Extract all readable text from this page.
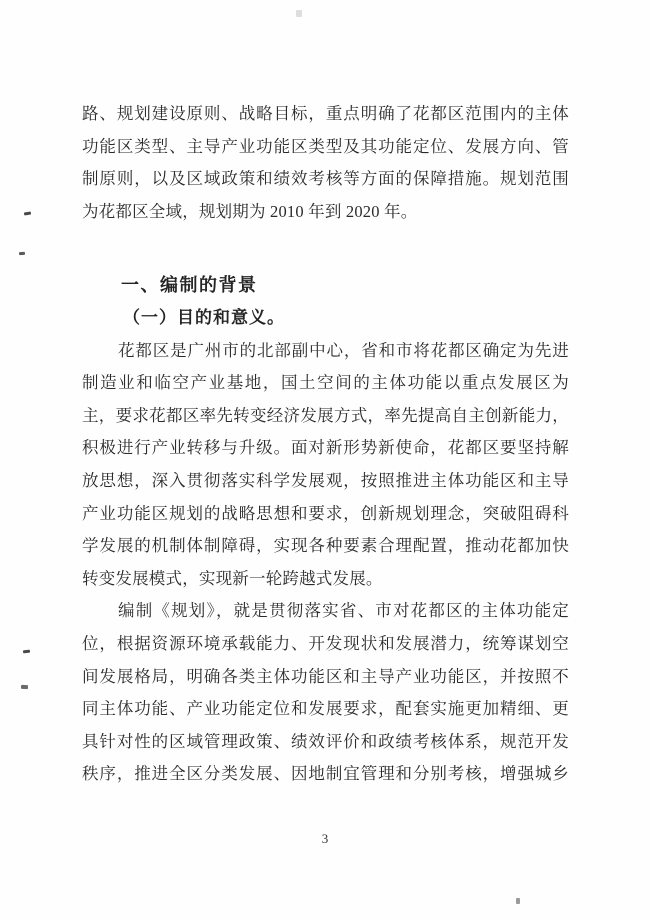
路、规划建设原则、战略目标，重点明确了花都区范围内的主体
功能区类型、主导产业功能区类型及其功能定位、发展方向、管
制原则，以及区域政策和绩效考核等方面的保障措施。规划范围
为花都区全域，规划期为 2010 年到 2020 年。
一、编制的背景
（一）目的和意义。
花都区是广州市的北部副中心，省和市将花都区确定为先进
制造业和临空产业基地，国土空间的主体功能以重点发展区为
主，要求花都区率先转变经济发展方式，率先提高自主创新能力，
积极进行产业转移与升级。面对新形势新使命，花都区要坚持解
放思想，深入贯彻落实科学发展观，按照推进主体功能区和主导
产业功能区规划的战略思想和要求，创新规划理念，突破阻碍科
学发展的机制体制障碍，实现各种要素合理配置，推动花都加快
转变发展模式，实现新一轮跨越式发展。
编制《规划》，就是贯彻落实省、市对花都区的主体功能定
位，根据资源环境承载能力、开发现状和发展潜力，统筹谋划空
间发展格局，明确各类主体功能区和主导产业功能区，并按照不
同主体功能、产业功能定位和发展要求，配套实施更加精细、更
具针对性的区域管理政策、绩效评价和政绩考核体系，规范开发
秩序，推进全区分类发展、因地制宜管理和分别考核，增强城乡
3
